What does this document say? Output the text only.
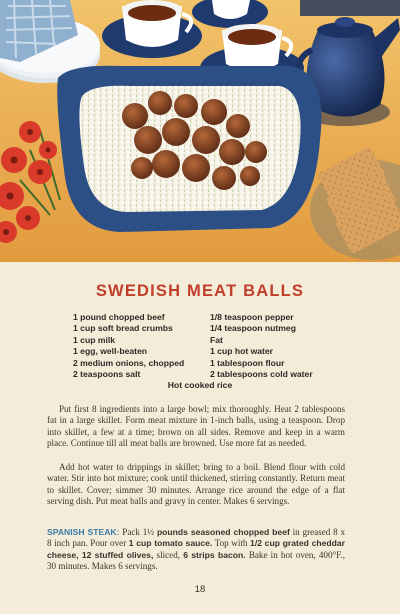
SWEDISH MEAT BALLS
1 pound chopped beef
1 cup soft bread crumbs
1 cup milk
1 egg, well-beaten
2 medium onions, chopped
2 teaspoons salt
1/8 teaspoon pepper
1/4 teaspoon nutmeg
Fat
1 cup hot water
1 tablespoon flour
2 tablespoons cold water
Hot cooked rice
Put first 8 ingredients into a large bowl; mix thoroughly. Heat 2 tablespoons fat in a large skillet. Form meat mixture in 1-inch balls, using a teaspoon. Drop into skillet, a few at a time; brown on all sides. Remove and keep in a warm place. Continue till all meat balls are browned. Use more fat as needed.
Add hot water to drippings in skillet; bring to a boil. Blend flour with cold water. Stir into hot mixture; cook until thickened, stirring constantly. Return meat to skillet. Cover; simmer 30 minutes. Arrange rice around the edge of a flat serving dish. Put meat balls and gravy in center. Makes 6 servings.
SPANISH STEAK: Pack 1½ pounds seasoned chopped beef in greased 8 x 8 inch pan. Pour over 1 cup tomato sauce. Top with 1/2 cup grated cheddar cheese, 12 stuffed olives, sliced, 6 strips bacon. Bake in hot oven, 400°F., 30 minutes. Makes 6 servings.
18
